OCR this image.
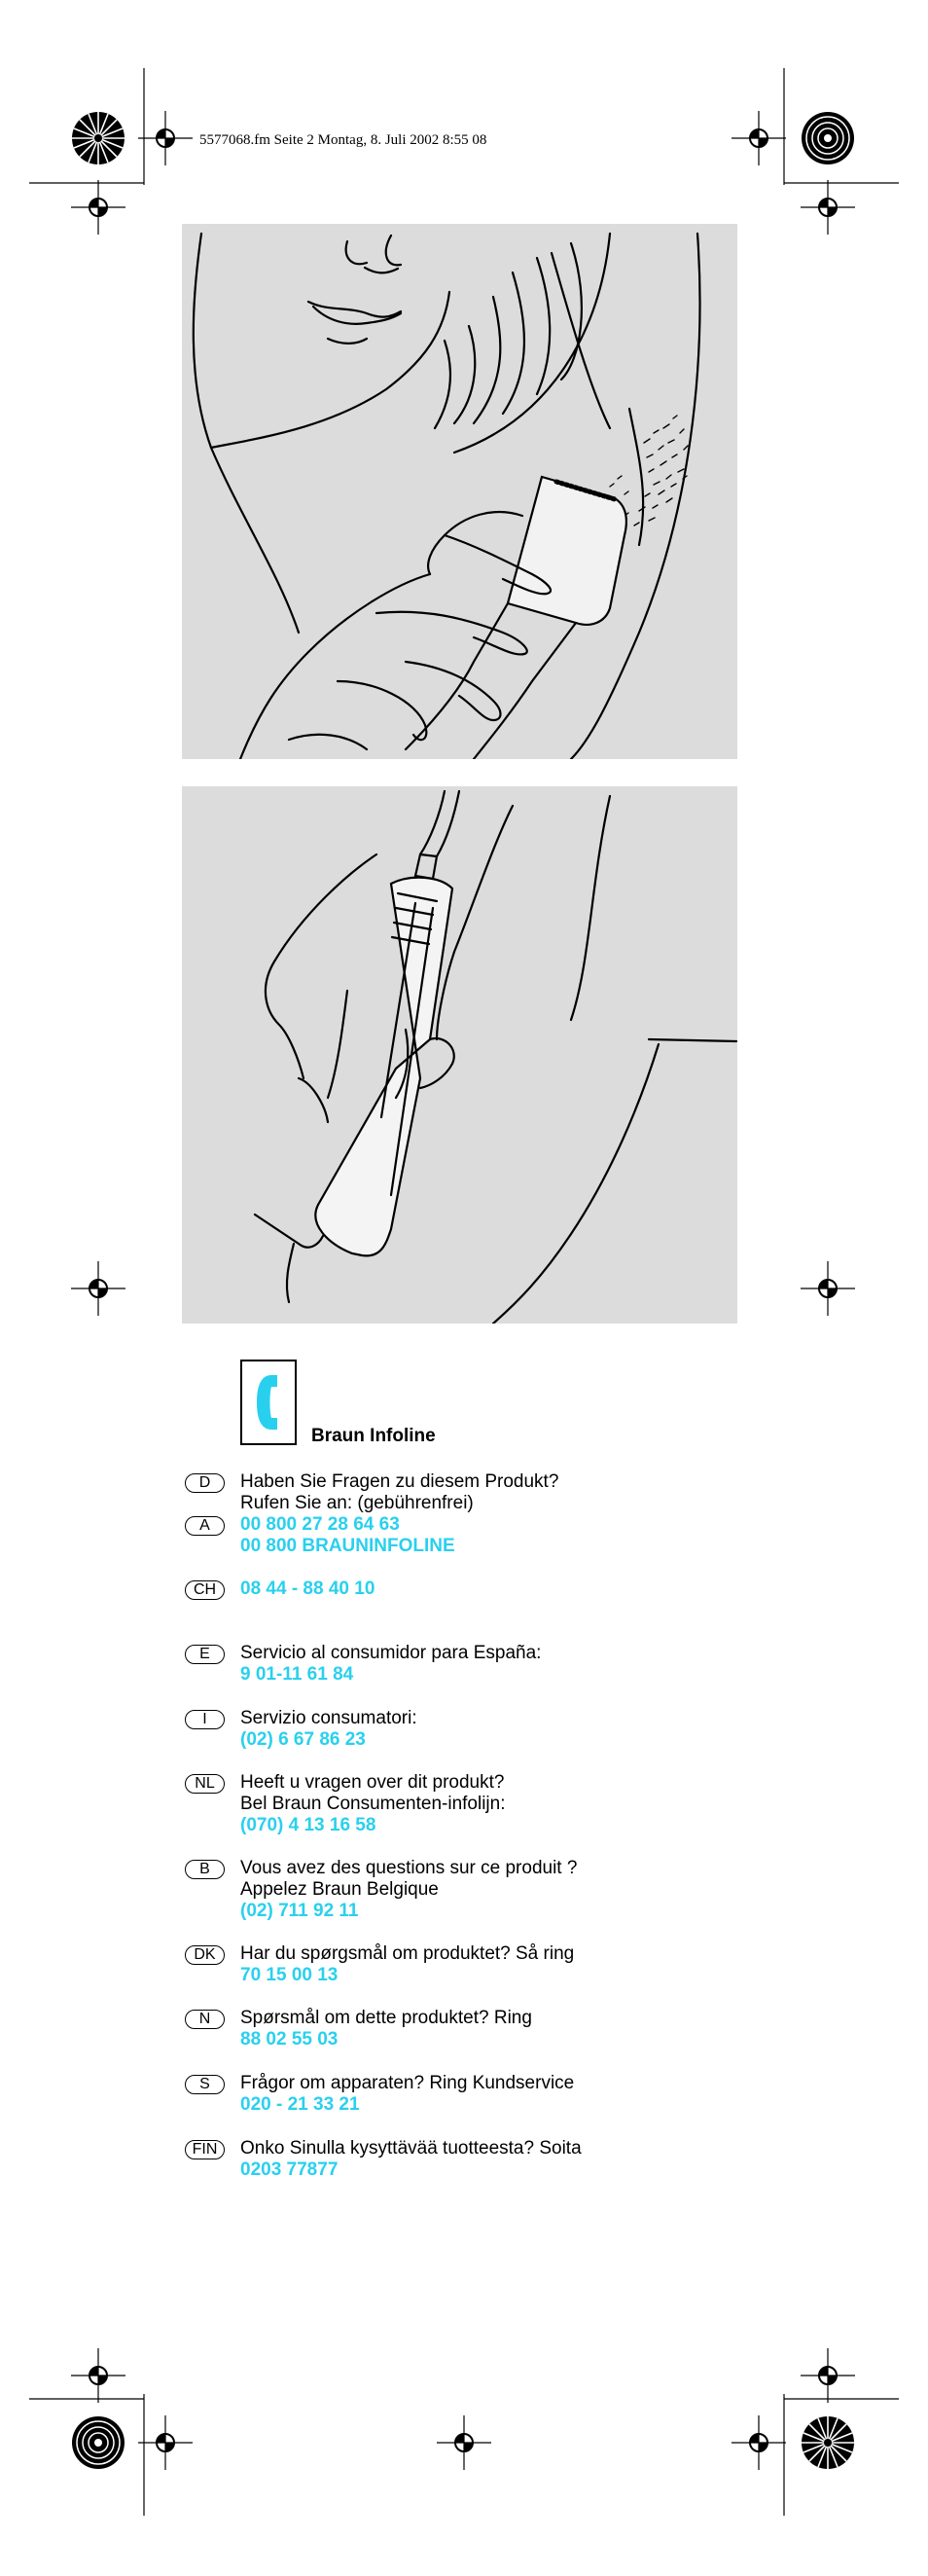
5577068.fm Seite 2 Montag, 8. Juli 2002 8:55 08
Braun Infoline
D	Haben Sie Fragen zu diesem Produkt?
Rufen Sie an: (gebührenfrei)
A	00 800 27 28 64 63
00 800 BRAUNINFOLINE
CH	08 44 - 88 40 10
E	Servicio al consumidor para España:
9 01-11 61 84
I	Servizio consumatori:
(02) 6 67 86 23
NL	Heeft u vragen over dit produkt?
Bel Braun Consumenten-infolijn:
(070) 4 13 16 58
B	Vous avez des questions sur ce produit ?
Appelez Braun Belgique
(02) 711 92 11
DK	Har du spørgsmål om produktet? Så ring
70 15 00 13
N	Spørsmål om dette produktet? Ring
88 02 55 03
S	Frågor om apparaten? Ring Kundservice
020 - 21 33 21
FIN	Onko Sinulla kysyttävää tuotteesta? Soita
0203 77877
